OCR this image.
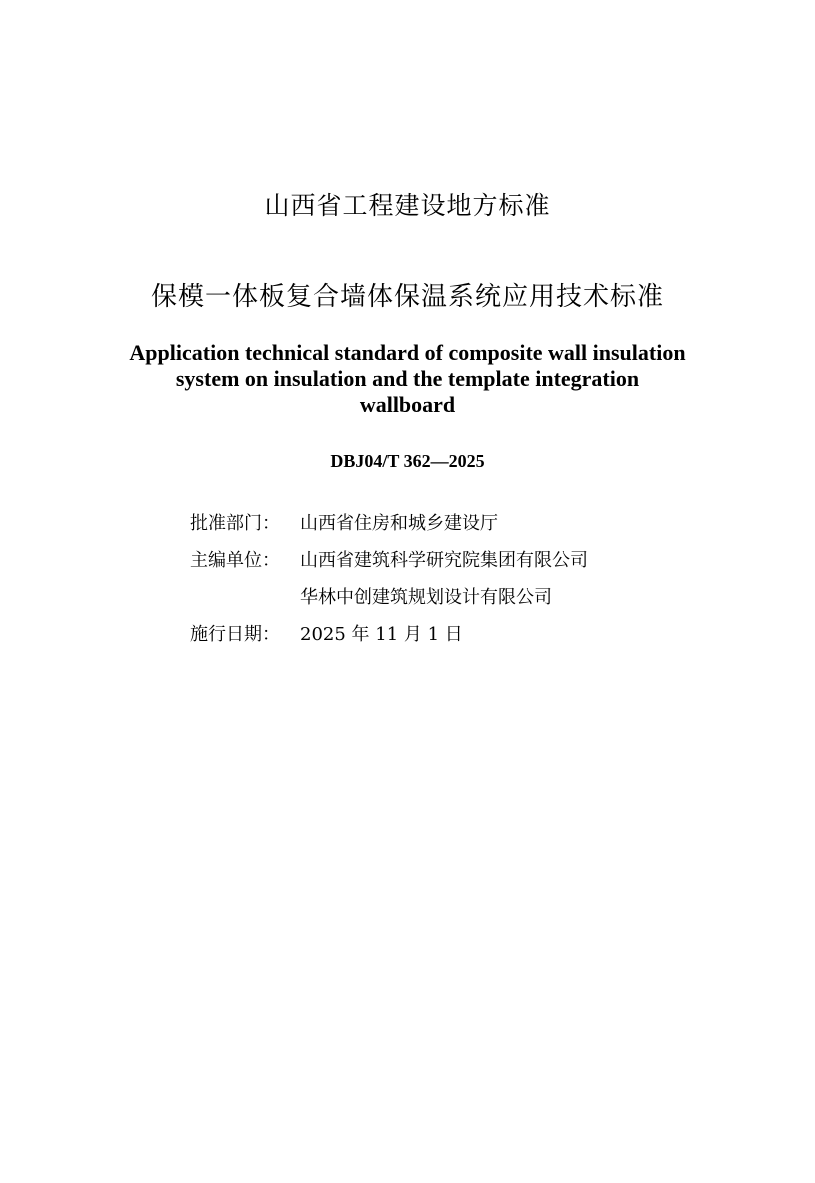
山西省工程建设地方标准
保模一体板复合墙体保温系统应用技术标准
Application technical standard of composite wall insulation
system on insulation and the template integration
wallboard
DBJ04/T 362—2025
批准部门：	山西省住房和城乡建设厅
主编单位：	山西省建筑科学研究院集团有限公司
华林中创建筑规划设计有限公司
施行日期：	2025 年 11 月 1 日
